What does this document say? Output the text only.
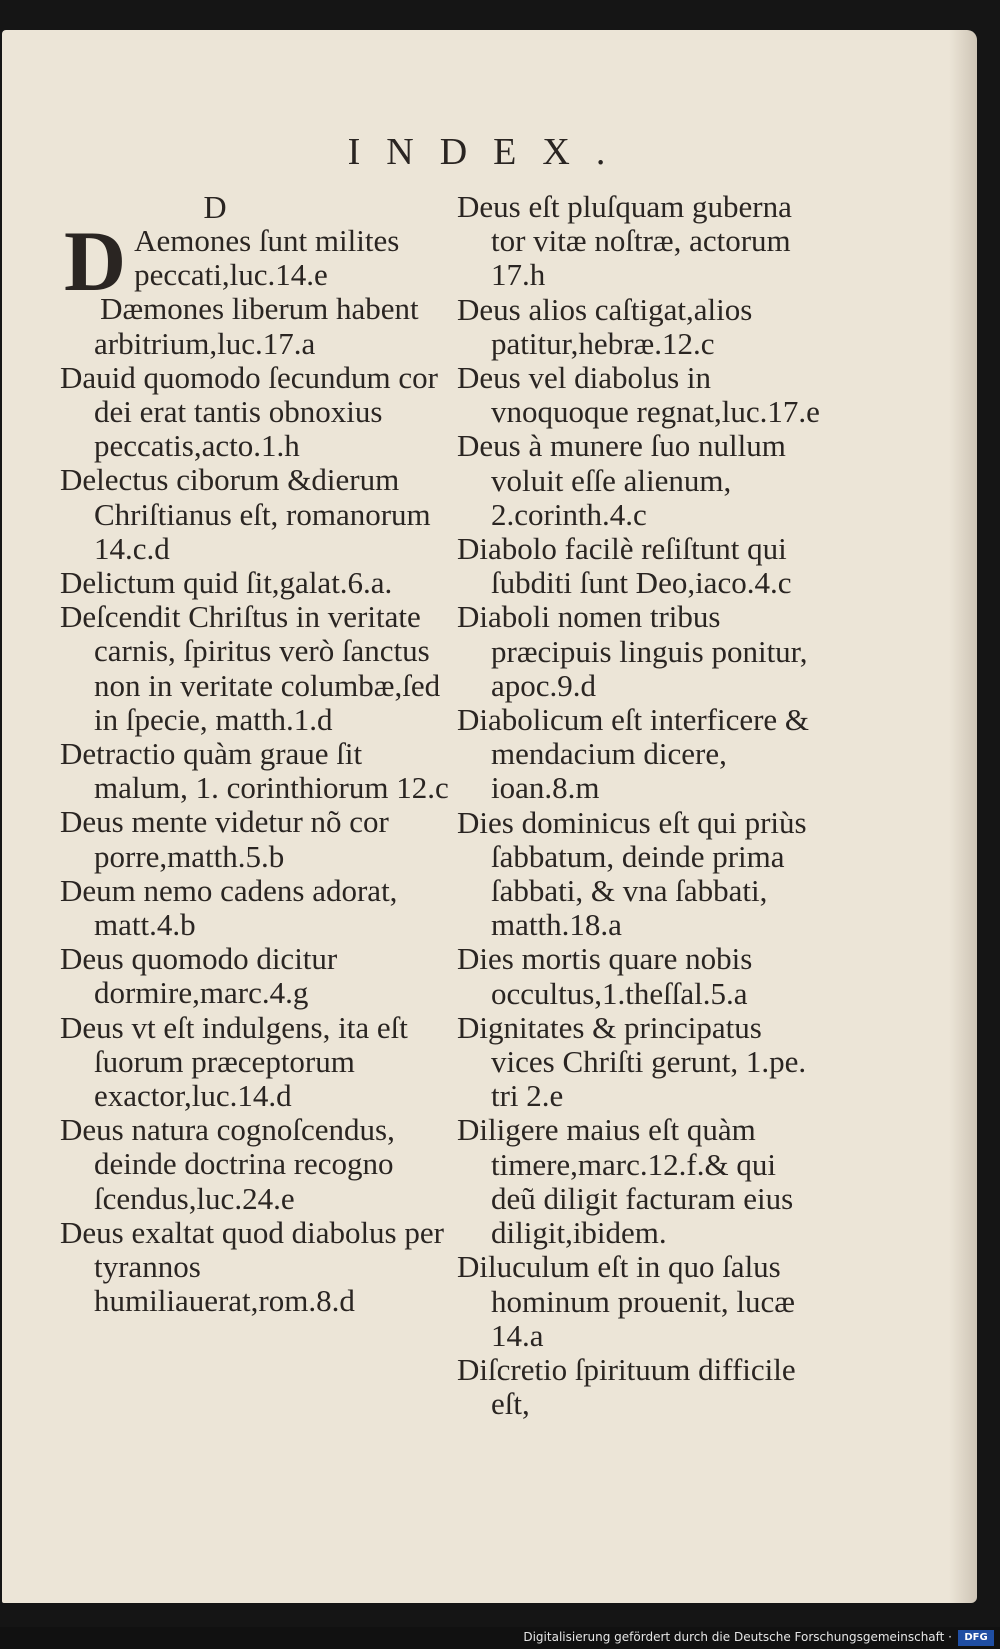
INDEX.
D

D Aemones ſunt milites peccati,luc.14.e

Dæmones liberum habent arbitrium,luc.17.a

Dauid quomodo ſecundum cor dei erat tantis obnoxius peccatis,acto.1.h

Delectus ciborum &dierum Chriſtianus eſt, romanorum 14.c.d

Delictum quid ſit,galat.6.a.

Deſcendit Chriſtus in veritate carnis, ſpiritus verò ſanctus non in veritate columbæ,ſed in ſpecie, matth.1.d

Detractio quàm graue ſit malum, 1. corinthiorum 12.c

Deus mente videtur nõ cor porre,matth.5.b

Deum nemo cadens adorat, matt.4.b

Deus quomodo dicitur dormire,marc.4.g

Deus vt eſt indulgens, ita eſt ſuorum præceptorum exactor,luc.14.d

Deus natura cognoſcendus, deinde doctrina recogno ſcendus,luc.24.e

Deus exaltat quod diabolus per tyrannos humiliauerat,rom.8.d

Deus eſt pluſquam guberna tor vitæ noſtræ, actorum 17.h

Deus alios caſtigat,alios patitur,hebræ.12.c

Deus vel diabolus in vnoquoque regnat,luc.17.e

Deus à munere ſuo nullum voluit eſſe alienum, 2.corinth.4.c

Diabolo facilè reſiſtunt qui ſubditi ſunt Deo,iaco.4.c

Diaboli nomen tribus præcipuis linguis ponitur, apoc.9.d

Diabolicum eſt interficere & mendacium dicere, ioan.8.m

Dies dominicus eſt qui priùs ſabbatum, deinde prima ſabbati, & vna ſabbati, matth.18.a

Dies mortis quare nobis occultus,1.theſſal.5.a

Dignitates & principatus vices Chriſti gerunt, 1.pe. tri 2.e

Diligere maius eſt quàm timere,marc.12.f.& qui deũ diligit facturam eius diligit,ibidem.

Diluculum eſt in quo ſalus hominum prouenit, lucæ 14.a

Diſcretio ſpirituum difficile eſt,

Digitalisierung gefördert durch die Deutsche Forschungsgemeinschaft ·	DFG
